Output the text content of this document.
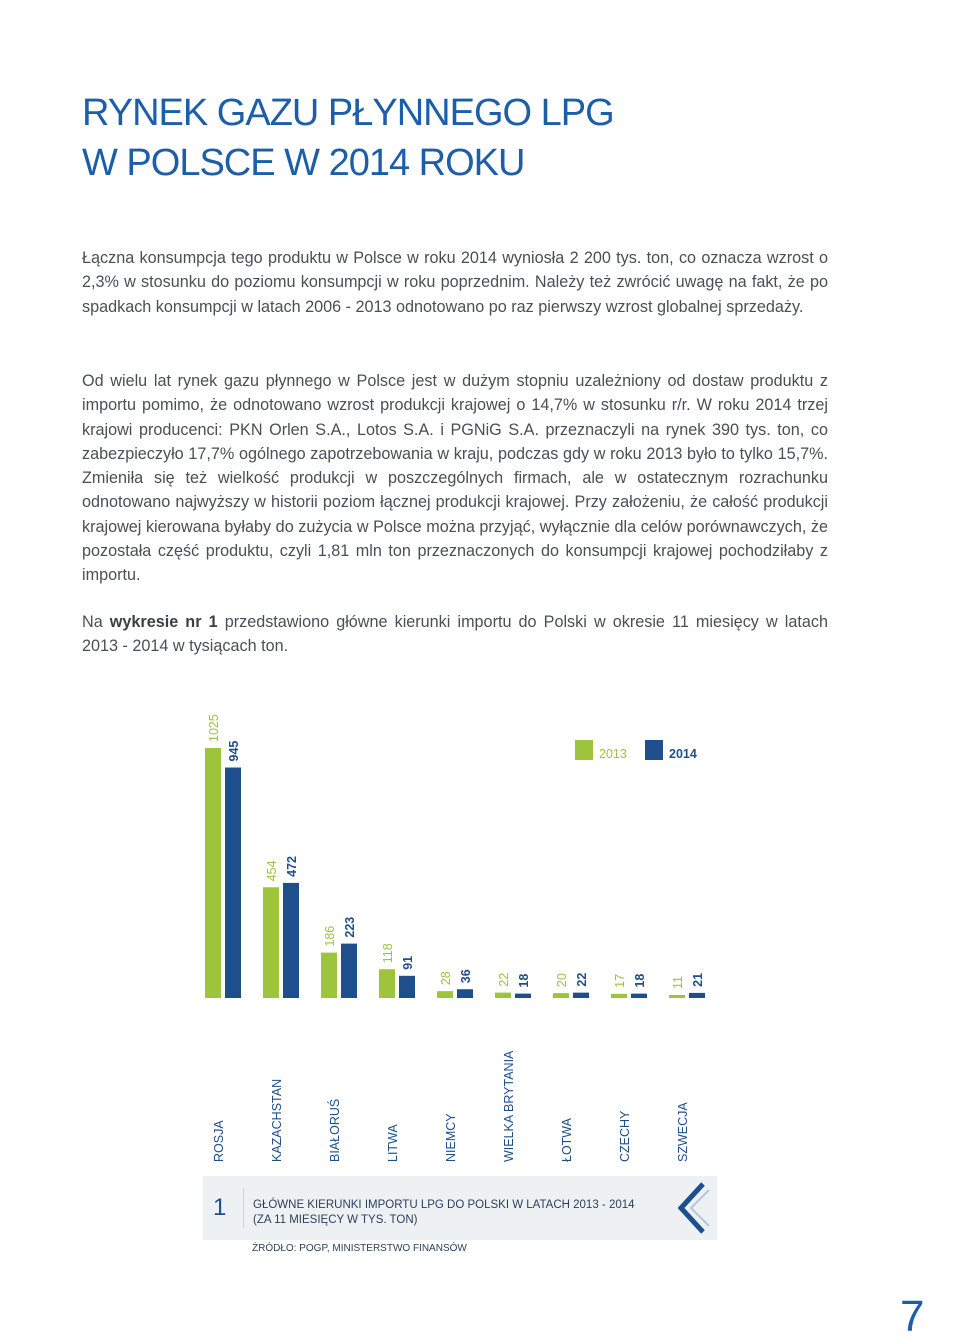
RYNEK GAZU PŁYNNEGO LPG
W POLSCE W 2014 ROKU

Łączna konsumpcja tego produktu w Polsce w roku 2014 wyniosła 2 200 tys. ton, co oznacza wzrost o 2,3% w stosunku do poziomu konsumpcji w roku poprzednim. Należy też zwrócić uwagę na fakt, że po spadkach konsumpcji w latach 2006 - 2013 odnotowano po raz pierwszy wzrost globalnej sprzedaży.

Od wielu lat rynek gazu płynnego w Polsce jest w dużym stopniu uzależniony od dostaw produktu z importu pomimo, że odnotowano wzrost produkcji krajowej o 14,7% w stosunku r/r. W roku 2014 trzej krajowi producenci: PKN Orlen S.A., Lotos S.A. i PGNiG S.A. przeznaczyli na rynek 390 tys. ton, co zabezpieczyło 17,7% ogólnego zapotrzebowania w kraju, podczas gdy w roku 2013 było to tylko 15,7%. Zmieniła się też wielkość produkcji w poszczególnych firmach, ale w ostatecznym rozrachunku odnotowano najwyższy w historii poziom łącznej produkcji krajowej. Przy założeniu, że całość produkcji krajowej kierowana byłaby do zużycia w Polsce można przyjąć, wyłącznie dla celów porównawczych, że pozostała część produktu, czyli 1,81 mln ton przeznaczonych do konsumpcji krajowej pochodziłaby z importu.

Na wykresie nr 1 przedstawiono główne kierunki importu do Polski w okresie 11 miesięcy w latach 2013 - 2014 w tysiącach ton.

1025
945
ROSJA
454 472
KAZACHSTAN
186 223
BIAŁORUŚ
118 91
LITWA
28 36
NIEMCY
22 18
WIELKA BRYTANIA
20 22
ŁOTWA
17 18
CZECHY
11 21
SZWECJA
2013	2014
1 GŁÓWNE KIERUNKI IMPORTU LPG DO POLSKI W LATACH 2013 - 2014
(ZA 11 MIESIĘCY W TYS. TON)
ŹRÓDŁO: POGP, MINISTERSTWO FINANSÓW
7
